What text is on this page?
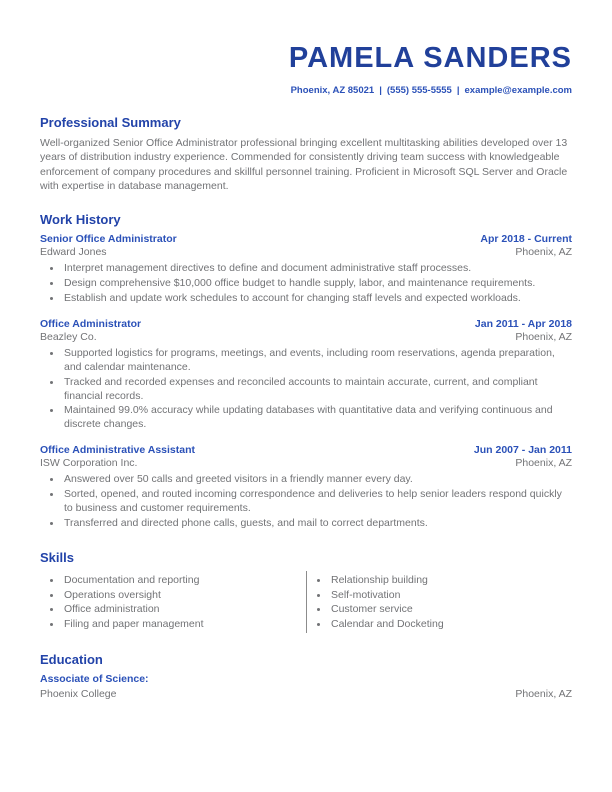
PAMELA SANDERS
Phoenix, AZ 85021 | (555) 555-5555 | example@example.com
Professional Summary

Well-organized Senior Office Administrator professional bringing excellent multitasking abilities developed over 13 years of distribution industry experience. Commended for consistently driving team success with knowledgeable enforcement of company procedures and skillful personnel training. Proficient in Microsoft SQL Server and Oracle with expertise in database management.

Work History
Senior Office Administrator	Apr 2018 - Current
Edward Jones	Phoenix, AZ
• Interpret management directives to define and document administrative staff processes.
• Design comprehensive $10,000 office budget to handle supply, labor, and maintenance requirements.
• Establish and update work schedules to account for changing staff levels and expected workloads.
Office Administrator	Jan 2011 - Apr 2018
Beazley Co.	Phoenix, AZ
• Supported logistics for programs, meetings, and events, including room reservations, agenda preparation, and calendar maintenance.
• Tracked and recorded expenses and reconciled accounts to maintain accurate, current, and compliant financial records.
• Maintained 99.0% accuracy while updating databases with quantitative data and verifying continuous and discrete changes.
Office Administrative Assistant	Jun 2007 - Jan 2011
ISW Corporation Inc.	Phoenix, AZ
• Answered over 50 calls and greeted visitors in a friendly manner every day.
• Sorted, opened, and routed incoming correspondence and deliveries to help senior leaders respond quickly to business and customer requirements.
• Transferred and directed phone calls, guests, and mail to correct departments.
Skills
• Documentation and reporting
• Operations oversight
• Office administration
• Filing and paper management
• Relationship building
• Self-motivation
• Customer service
• Calendar and Docketing
Education
Associate of Science:
Phoenix College	Phoenix, AZ
